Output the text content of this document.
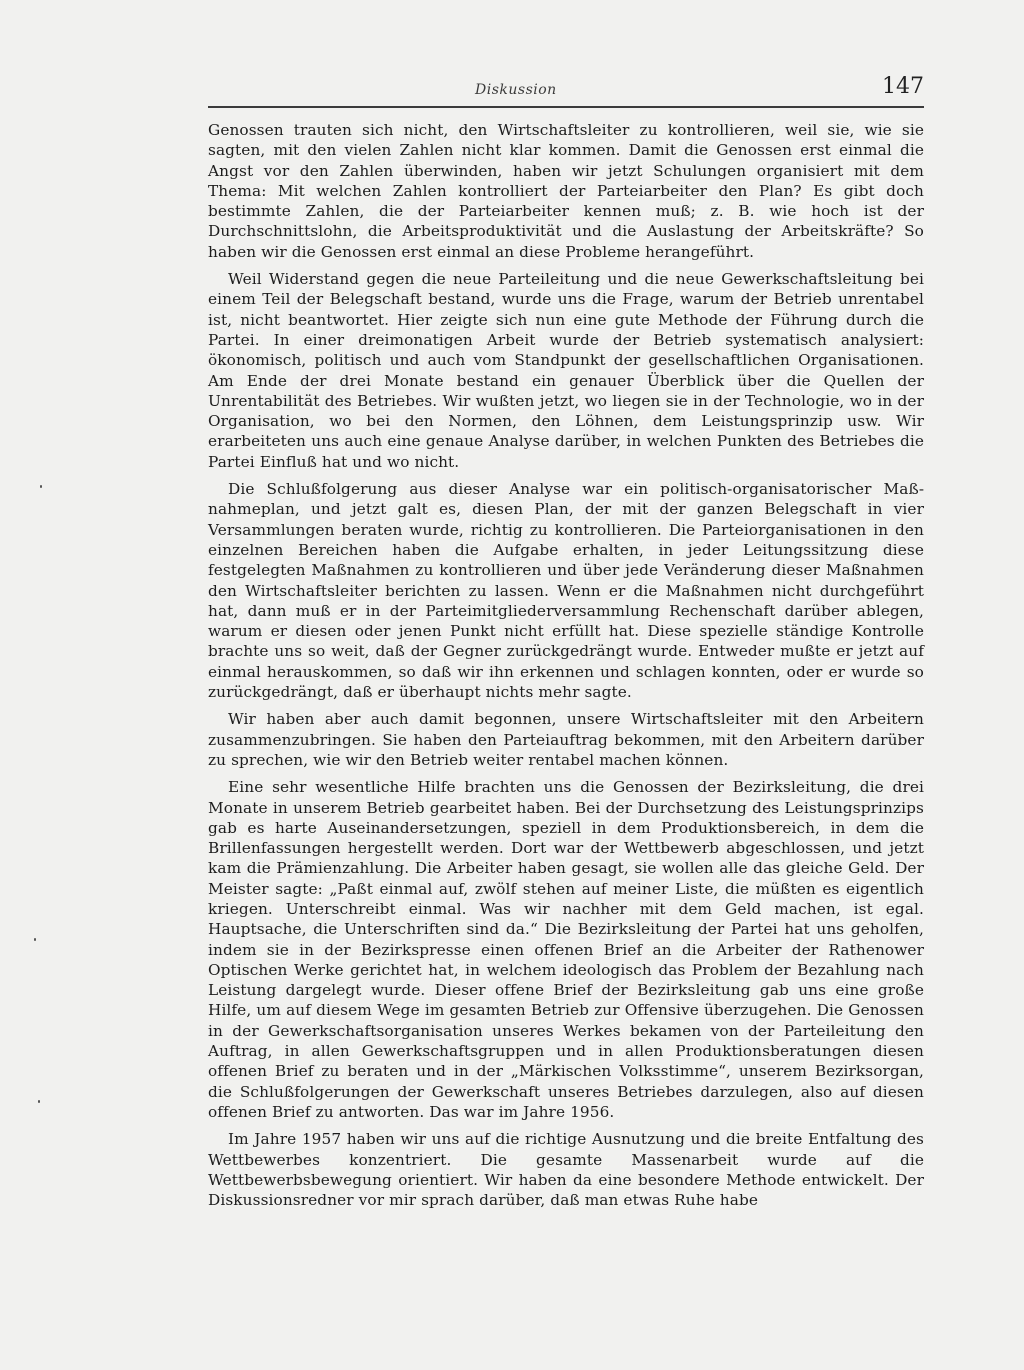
Diskussion	147

Genossen trauten sich nicht, den Wirtschaftsleiter zu kontrollieren, weil sie, wie sie sagten, mit den vielen Zahlen nicht klar kommen. Damit die Genossen erst einmal die Angst vor den Zahlen überwinden, haben wir jetzt Schulungen organisiert mit dem Thema: Mit welchen Zahlen kontrolliert der Parteiarbeiter den Plan? Es gibt doch bestimmte Zahlen, die der Parteiarbeiter kennen muß; z. B. wie hoch ist der Durchschnittslohn, die Arbeitsproduktivität und die Auslastung der Arbeitskräfte? So haben wir die Genossen erst einmal an diese Probleme herangeführt.

Weil Widerstand gegen die neue Parteileitung und die neue Gewerkschaftsleitung bei einem Teil der Belegschaft bestand, wurde uns die Frage, warum der Betrieb unrentabel ist, nicht beantwortet. Hier zeigte sich nun eine gute Methode der Führung durch die Partei. In einer dreimonatigen Arbeit wurde der Betrieb systematisch analysiert: ökonomisch, politisch und auch vom Standpunkt der gesellschaftlichen Organisationen. Am Ende der drei Monate bestand ein genauer Überblick über die Quellen der Unrentabilität des Betriebes. Wir wußten jetzt, wo liegen sie in der Technologie, wo in der Organisation, wo bei den Normen, den Löhnen, dem Leistungsprinzip usw. Wir erarbeiteten uns auch eine genaue Analyse darüber, in welchen Punkten des Betriebes die Partei Einfluß hat und wo nicht.

Die Schlußfolgerung aus dieser Analyse war ein politisch-organisatorischer Maßnahmeplan, und jetzt galt es, diesen Plan, der mit der ganzen Belegschaft in vier Versammlungen beraten wurde, richtig zu kontrollieren. Die Parteiorganisationen in den einzelnen Bereichen haben die Aufgabe erhalten, in jeder Leitungssitzung diese festgelegten Maßnahmen zu kontrollieren und über jede Veränderung dieser Maßnahmen den Wirtschaftsleiter berichten zu lassen. Wenn er die Maßnahmen nicht durchgeführt hat, dann muß er in der Parteimitgliederversammlung Rechenschaft darüber ablegen, warum er diesen oder jenen Punkt nicht erfüllt hat. Diese spezielle ständige Kontrolle brachte uns so weit, daß der Gegner zurückgedrängt wurde. Entweder mußte er jetzt auf einmal herauskommen, so daß wir ihn erkennen und schlagen konnten, oder er wurde so zurückgedrängt, daß er überhaupt nichts mehr sagte.

Wir haben aber auch damit begonnen, unsere Wirtschaftsleiter mit den Arbeitern zusammenzubringen. Sie haben den Parteiauftrag bekommen, mit den Arbeitern darüber zu sprechen, wie wir den Betrieb weiter rentabel machen können.

Eine sehr wesentliche Hilfe brachten uns die Genossen der Bezirksleitung, die drei Monate in unserem Betrieb gearbeitet haben. Bei der Durchsetzung des Leistungsprinzips gab es harte Auseinandersetzungen, speziell in dem Produktionsbereich, in dem die Brillenfassungen hergestellt werden. Dort war der Wettbewerb abgeschlossen, und jetzt kam die Prämienzahlung. Die Arbeiter haben gesagt, sie wollen alle das gleiche Geld. Der Meister sagte: „Paßt einmal auf, zwölf stehen auf meiner Liste, die müßten es eigentlich kriegen. Unterschreibt einmal. Was wir nachher mit dem Geld machen, ist egal. Hauptsache, die Unterschriften sind da.“ Die Bezirksleitung der Partei hat uns geholfen, indem sie in der Bezirkspresse einen offenen Brief an die Arbeiter der Rathenower Optischen Werke gerichtet hat, in welchem ideologisch das Problem der Bezahlung nach Leistung dargelegt wurde. Dieser offene Brief der Bezirksleitung gab uns eine große Hilfe, um auf diesem Wege im gesamten Betrieb zur Offensive überzugehen. Die Genossen in der Gewerkschaftsorganisation unseres Werkes bekamen von der Parteileitung den Auftrag, in allen Gewerkschaftsgruppen und in allen Produktionsberatungen diesen offenen Brief zu beraten und in der „Märkischen Volksstimme“, unserem Bezirksorgan, die Schlußfolgerungen der Gewerkschaft unseres Betriebes darzulegen, also auf diesen offenen Brief zu antworten. Das war im Jahre 1956.

Im Jahre 1957 haben wir uns auf die richtige Ausnutzung und die breite Entfaltung des Wettbewerbes konzentriert. Die gesamte Massenarbeit wurde auf die Wettbewerbsbewegung orientiert. Wir haben da eine besondere Methode entwickelt. Der Diskussionsredner vor mir sprach darüber, daß man etwas Ruhe habe
